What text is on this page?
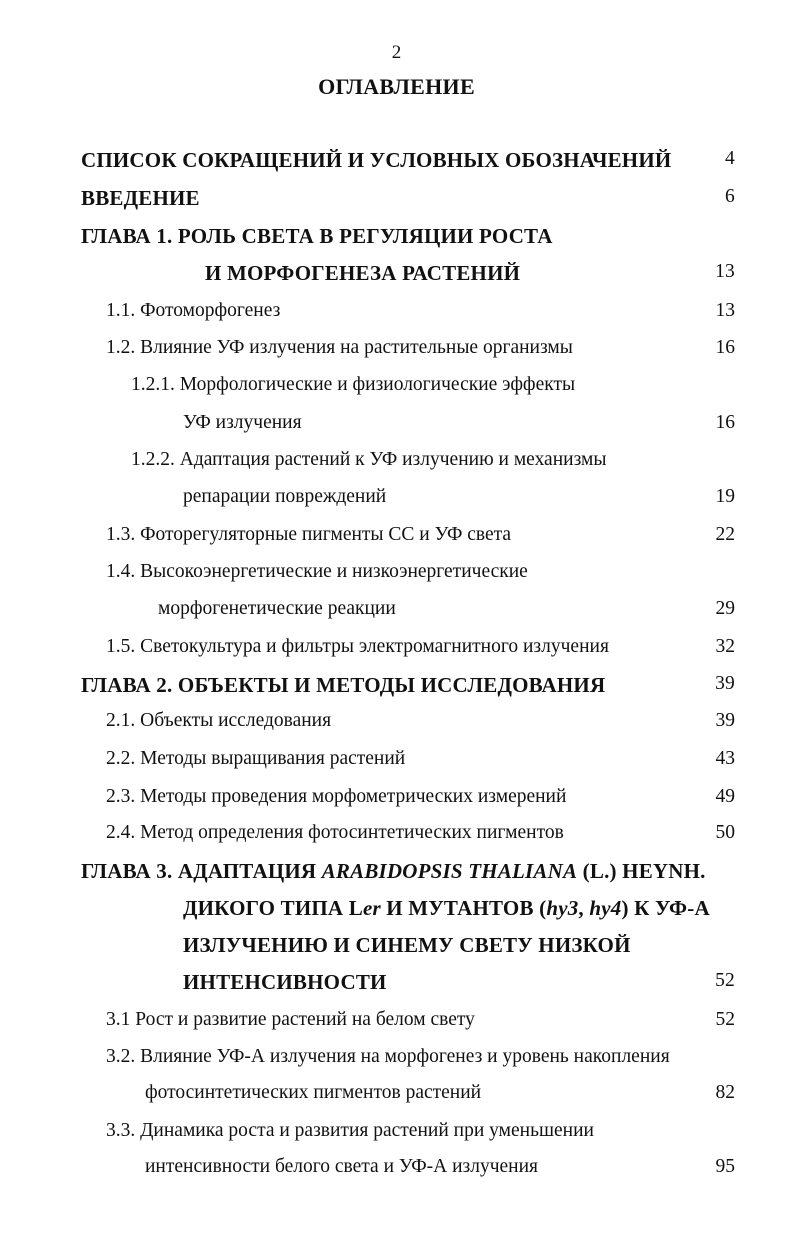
2
ОГЛАВЛЕНИЕ
СПИСОК СОКРАЩЕНИЙ И УСЛОВНЫХ ОБОЗНАЧЕНИЙ	4
ВВЕДЕНИЕ	6
ГЛАВА 1. РОЛЬ СВЕТА В РЕГУЛЯЦИИ РОСТА
И МОРФОГЕНЕЗА РАСТЕНИЙ	13
1.1. Фотоморфогенез	13
1.2. Влияние УФ излучения на растительные организмы	16
1.2.1. Морфологические и физиологические эффекты
УФ излучения	16
1.2.2. Адаптация растений к УФ излучению и механизмы
репарации повреждений	19
1.3. Фоторегуляторные пигменты СС и УФ света	22
1.4. Высокоэнергетические и низкоэнергетические
морфогенетические реакции	29
1.5. Светокультура и фильтры электромагнитного излучения	32
ГЛАВА 2. ОБЪЕКТЫ И МЕТОДЫ ИССЛЕДОВАНИЯ	39
2.1. Объекты исследования	39
2.2. Методы выращивания растений	43
2.3. Методы проведения морфометрических измерений	49
2.4. Метод определения фотосинтетических пигментов	50
ГЛАВА 3. АДАПТАЦИЯ ARABIDOPSIS THALIANA (L.) HEYNH.
ДИКОГО ТИПА Ler И МУТАНТОВ (hy3, hy4) К УФ-А
ИЗЛУЧЕНИЮ И СИНЕМУ СВЕТУ НИЗКОЙ
ИНТЕНСИВНОСТИ	52
3.1 Рост и развитие растений на белом свету	52
3.2. Влияние УФ-А излучения на морфогенез и уровень накопления
фотосинтетических пигментов растений	82
3.3. Динамика роста и развития растений при уменьшении
интенсивности белого света и УФ-А излучения	95
